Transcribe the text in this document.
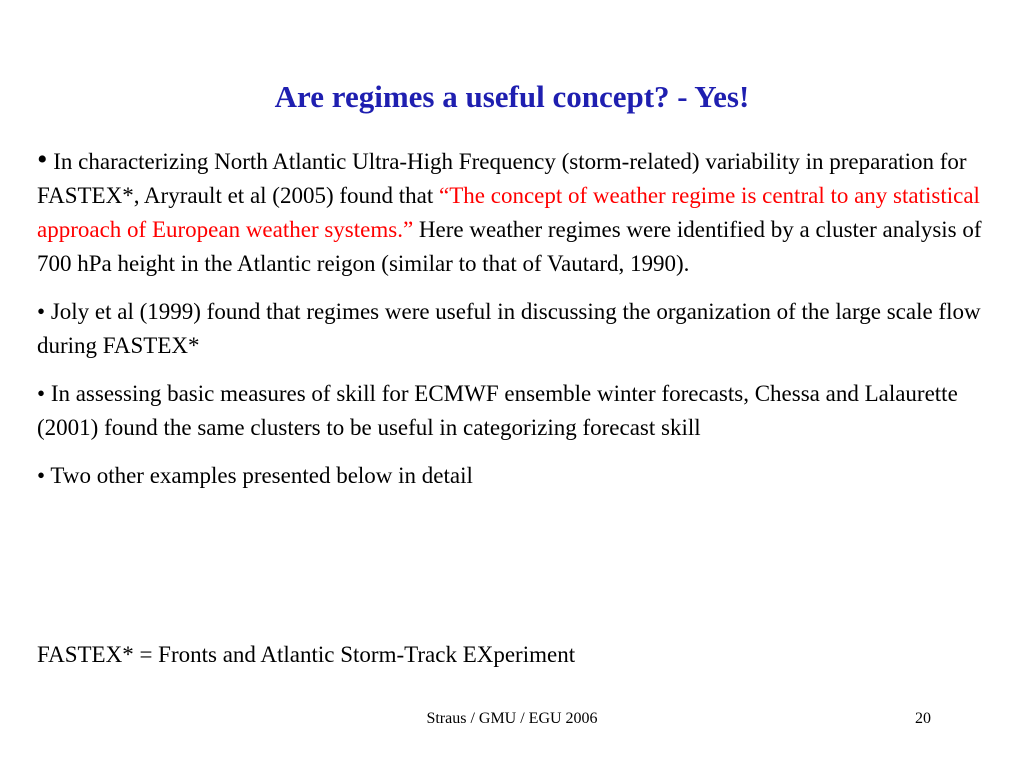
Are regimes a useful concept? - Yes!

• In characterizing North Atlantic Ultra-High Frequency (storm-related) variability in preparation for FASTEX*, Aryrault et al (2005) found that “The concept of weather regime is central to any statistical approach of European weather systems.” Here weather regimes were identified by a cluster analysis of 700 hPa height in the Atlantic reigon (similar to that of Vautard, 1990).

• Joly et al (1999) found that regimes were useful in discussing the organization of the large scale flow during FASTEX*

• In assessing basic measures of skill for ECMWF ensemble winter forecasts, Chessa and Lalaurette (2001) found the same clusters to be useful in categorizing forecast skill

• Two other examples presented below in detail

FASTEX* = Fronts and Atlantic Storm-Track EXperiment
Straus / GMU / EGU 2006	20
